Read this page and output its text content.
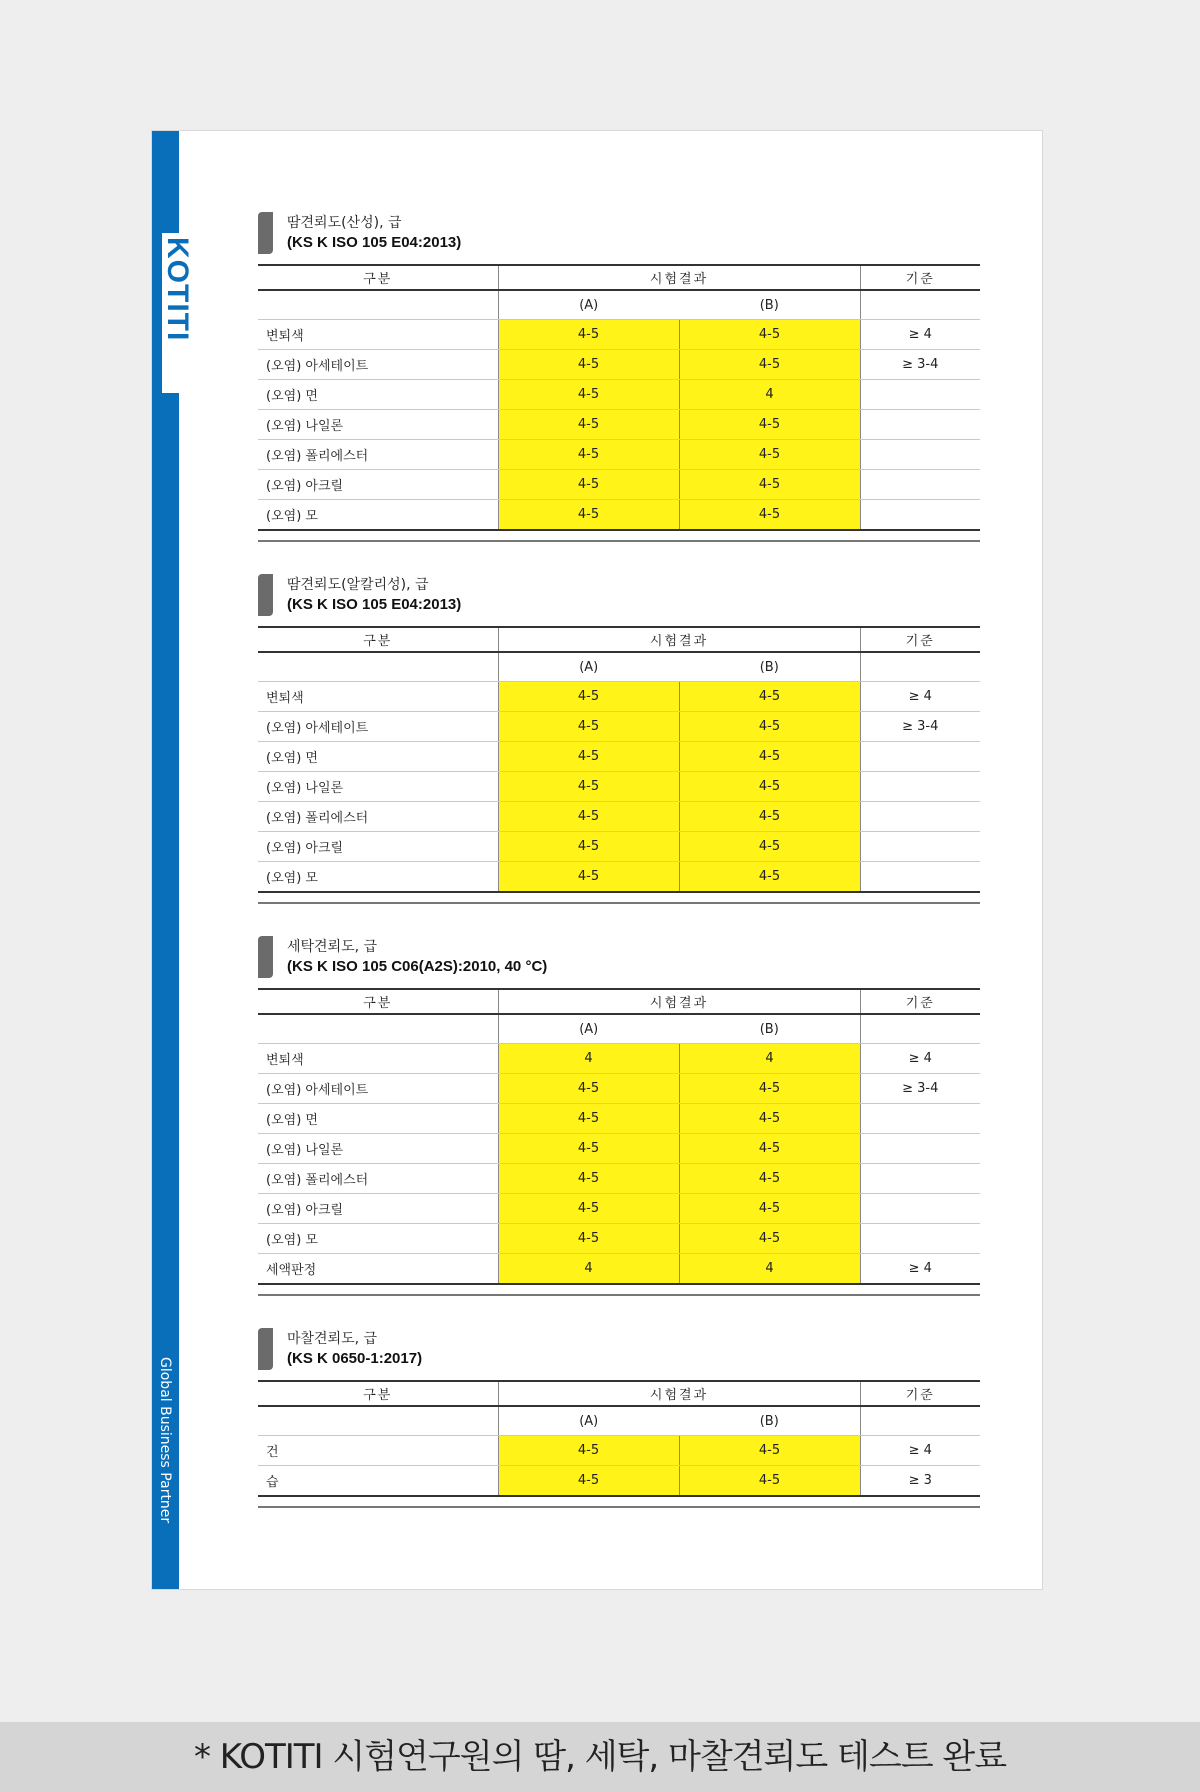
Global Business Partner
KOTITI
땀견뢰도(산성), 급
(KS K ISO 105 E04:2013)
구분	시험결과		기준
	(A)	(B)	
변퇴색	4-5	4-5	≥ 4
(오염) 아세테이트	4-5	4-5	≥ 3-4
(오염) 면	4-5	4	
(오염) 나일론	4-5	4-5	
(오염) 폴리에스터	4-5	4-5	
(오염) 아크릴	4-5	4-5	
(오염) 모	4-5	4-5	
땀견뢰도(알칼리성), 급
(KS K ISO 105 E04:2013)
구분	시험결과		기준
	(A)	(B)	
변퇴색	4-5	4-5	≥ 4
(오염) 아세테이트	4-5	4-5	≥ 3-4
(오염) 면	4-5	4-5	
(오염) 나일론	4-5	4-5	
(오염) 폴리에스터	4-5	4-5	
(오염) 아크릴	4-5	4-5	
(오염) 모	4-5	4-5	
세탁견뢰도, 급
(KS K ISO 105 C06(A2S):2010, 40 °C)
구분	시험결과		기준
	(A)	(B)	
변퇴색	4	4	≥ 4
(오염) 아세테이트	4-5	4-5	≥ 3-4
(오염) 면	4-5	4-5	
(오염) 나일론	4-5	4-5	
(오염) 폴리에스터	4-5	4-5	
(오염) 아크릴	4-5	4-5	
(오염) 모	4-5	4-5	
세액판정	4	4	≥ 4
마찰견뢰도, 급
(KS K 0650-1:2017)
구분	시험결과		기준
	(A)	(B)	
건	4-5	4-5	≥ 4
습	4-5	4-5	≥ 3
* KOTITI 시험연구원의 땀, 세탁, 마찰견뢰도 테스트 완료
